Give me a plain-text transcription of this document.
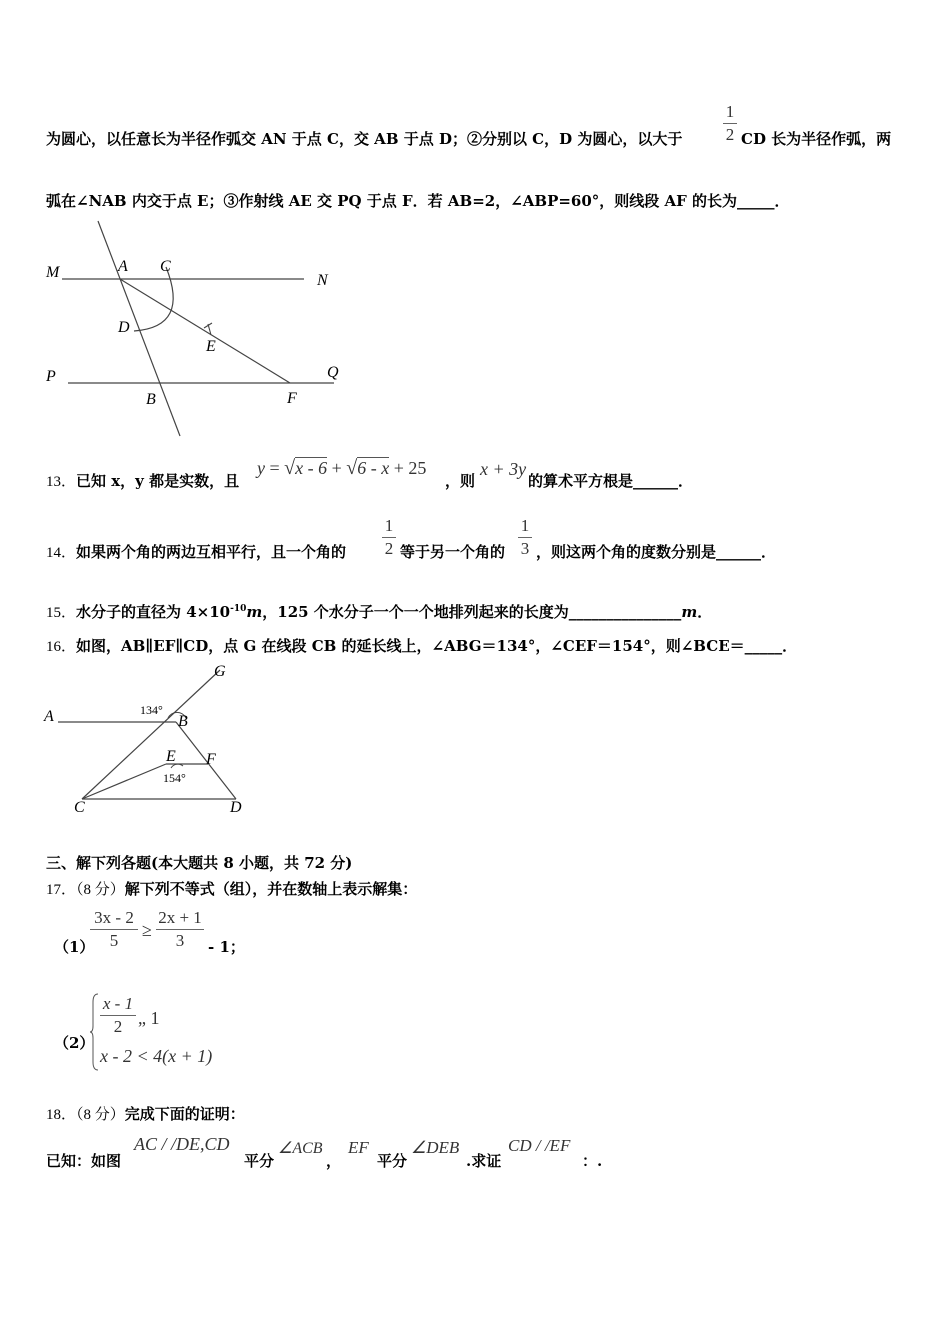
为圆心，以任意长为半径作弧交 AN 于点 C，交 AB 于点 D；②分别以 C，D 为圆心，以大于
1
2 CD 长为半径作弧，两
弧在∠NAB 内交于点 E；③作射线 AE 交 PQ 于点 F．若 AB=2，∠ABP=60°，则线段 AF 的长为_____．
M	A C
N
D
E
P	Q
B	F
13．已知 x，y 都是实数，且
y = √x - 6 + √6 - x + 25
，则
x + 3y
的算术平方根是______．
14．如果两个角的两边互相平行，且一个角的
1
2 等于另一个角的
1
3 ，则这两个角的度数分别是______．
15．水分子的直径为 $4\times 10^{-10}m$，125 个水分子一个一个地排列起来的长度为_______________m．
16．如图，AB∥EF∥CD，点 G 在线段 CB 的延长线上，∠ABG＝134°，∠CEF＝154°，则∠BCE＝_____．
G
A	B
E F
C	D
134°
154°
三、解下列各题(本大题共 8 小题，共 72 分)
17．（8 分）解下列不等式（组），并在数轴上表示解集：
（1）
3x - 2
5
≥
2x + 1
3	- 1；
（2）
x - 1
2 „ 1
x - 2 < 4(x + 1)
18．（8 分）完成下面的证明：
已知：如图
AC / /DE,CD
平分
∠ACB
，
EF
平分
∠DEB
.求证
CD / /EF
：.
